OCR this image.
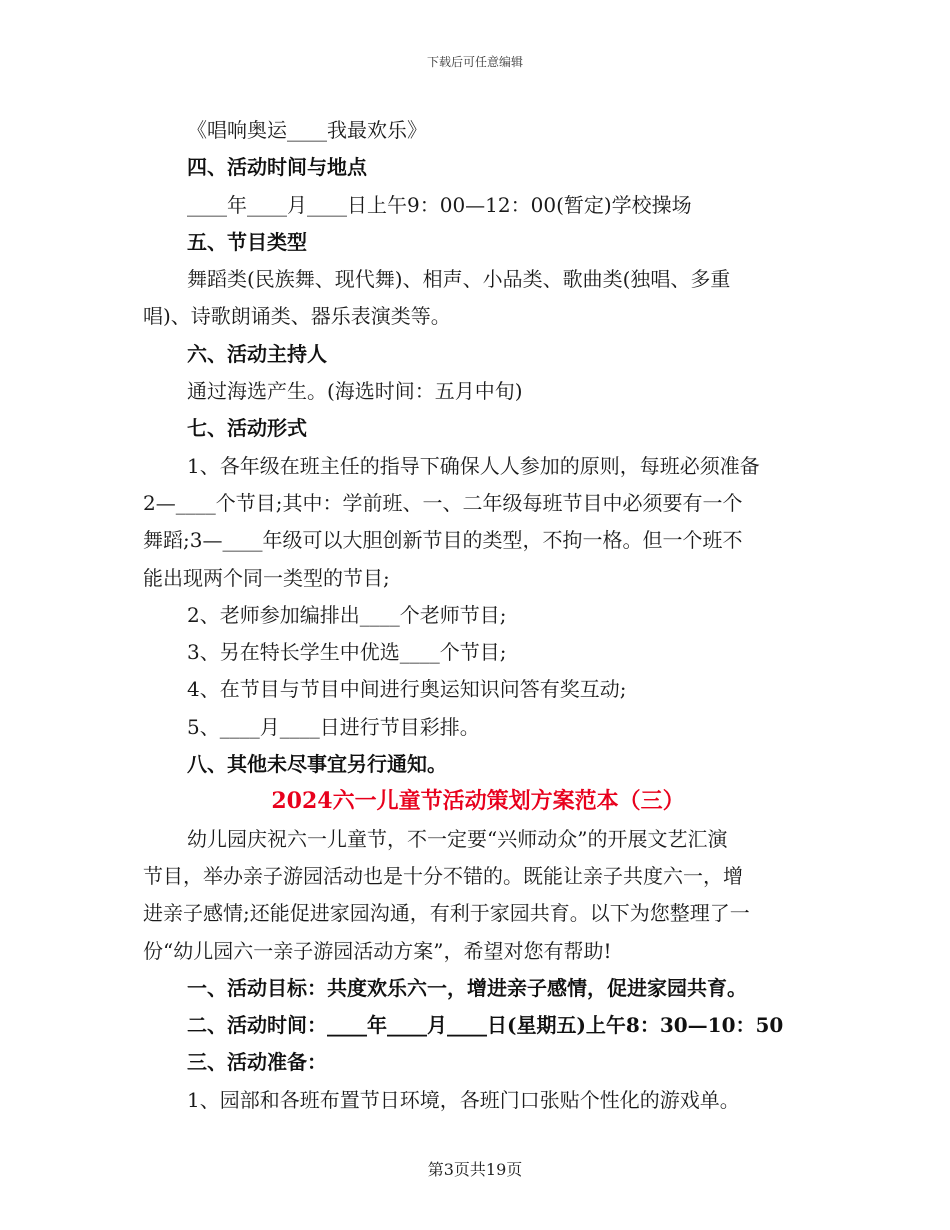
下载后可任意编辑
《唱响奥运____我最欢乐》
四、活动时间与地点
____年____月____日上午9：00—12：00(暂定)学校操场
五、节目类型
舞蹈类(民族舞、现代舞)、相声、小品类、歌曲类(独唱、多重
唱)、诗歌朗诵类、器乐表演类等。
六、活动主持人
通过海选产生。(海选时间：五月中旬)
七、活动形式
1、各年级在班主任的指导下确保人人参加的原则，每班必须准备
2—____个节目;其中：学前班、一、二年级每班节目中必须要有一个
舞蹈;3—____年级可以大胆创新节目的类型，不拘一格。但一个班不
能出现两个同一类型的节目;
2、老师参加编排出____个老师节目;
3、另在特长学生中优选____个节目;
4、在节目与节目中间进行奥运知识问答有奖互动;
5、____月____日进行节目彩排。
八、其他未尽事宜另行通知。
2024六一儿童节活动策划方案范本（三）
幼儿园庆祝六一儿童节，不一定要“兴师动众”的开展文艺汇演
节目，举办亲子游园活动也是十分不错的。既能让亲子共度六一，增
进亲子感情;还能促进家园沟通，有利于家园共育。以下为您整理了一
份“幼儿园六一亲子游园活动方案”，希望对您有帮助!
一、活动目标：共度欢乐六一，增进亲子感情，促进家园共育。
二、活动时间：____年____月____日(星期五)上午8：30—10：50
三、活动准备：
1、园部和各班布置节日环境，各班门口张贴个性化的游戏单。
第3页共19页
